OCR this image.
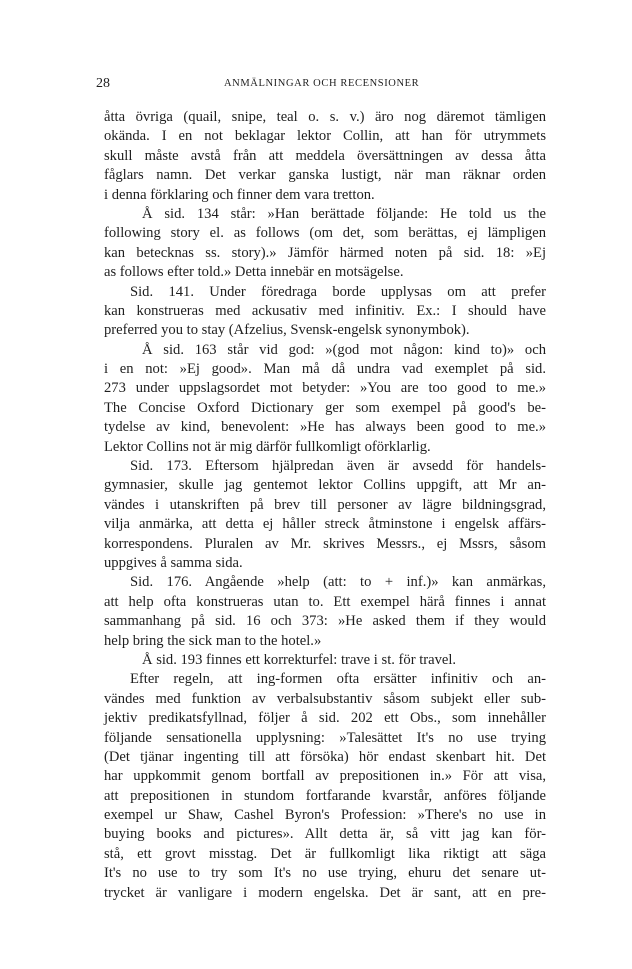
28	ANMÄLNINGAR OCH RECENSIONER
åtta övriga (quail, snipe, teal o. s. v.) äro nog däremot tämligen
okända. I en not beklagar lektor Collin, att han för utrymmets
skull måste avstå från att meddela översättningen av dessa åtta
fåglars namn. Det verkar ganska lustigt, när man räknar orden
i denna förklaring och finner dem vara tretton.
Å sid. 134 står: »Han berättade följande: He told us the
following story el. as follows (om det, som berättas, ej lämpligen
kan betecknas ss. story).» Jämför härmed noten på sid. 18: »Ej
as follows efter told.» Detta innebär en motsägelse.
Sid. 141. Under föredraga borde upplysas om att prefer
kan konstrueras med ackusativ med infinitiv. Ex.: I should have
preferred you to stay (Afzelius, Svensk-engelsk synonymbok).
Å sid. 163 står vid god: »(god mot någon: kind to)» och
i en not: »Ej good». Man må då undra vad exemplet på sid.
273 under uppslagsordet mot betyder: »You are too good to me.»
The Concise Oxford Dictionary ger som exempel på good's be-
tydelse av kind, benevolent: »He has always been good to me.»
Lektor Collins not är mig därför fullkomligt oförklarlig.
Sid. 173. Eftersom hjälpredan även är avsedd för handels-
gymnasier, skulle jag gentemot lektor Collins uppgift, att Mr an-
vändes i utanskriften på brev till personer av lägre bildningsgrad,
vilja anmärka, att detta ej håller streck åtminstone i engelsk affärs-
korrespondens. Pluralen av Mr. skrives Messrs., ej Mssrs, såsom
uppgives å samma sida.
Sid. 176. Angående »help (att: to + inf.)» kan anmärkas,
att help ofta konstrueras utan to. Ett exempel härå finnes i annat
sammanhang på sid. 16 och 373: »He asked them if they would
help bring the sick man to the hotel.»
Å sid. 193 finnes ett korrekturfel: trave i st. för travel.
Efter regeln, att ing-formen ofta ersätter infinitiv och an-
vändes med funktion av verbalsubstantiv såsom subjekt eller sub-
jektiv predikatsfyllnad, följer å sid. 202 ett Obs., som innehåller
följande sensationella upplysning: »Talesättet It's no use trying
(Det tjänar ingenting till att försöka) hör endast skenbart hit. Det
har uppkommit genom bortfall av prepositionen in.» För att visa,
att prepositionen in stundom fortfarande kvarstår, anföres följande
exempel ur Shaw, Cashel Byron's Profession: »There's no use in
buying books and pictures». Allt detta är, så vitt jag kan för-
stå, ett grovt misstag. Det är fullkomligt lika riktigt att säga
It's no use to try som It's no use trying, ehuru det senare ut-
trycket är vanligare i modern engelska. Det är sant, att en pre-
